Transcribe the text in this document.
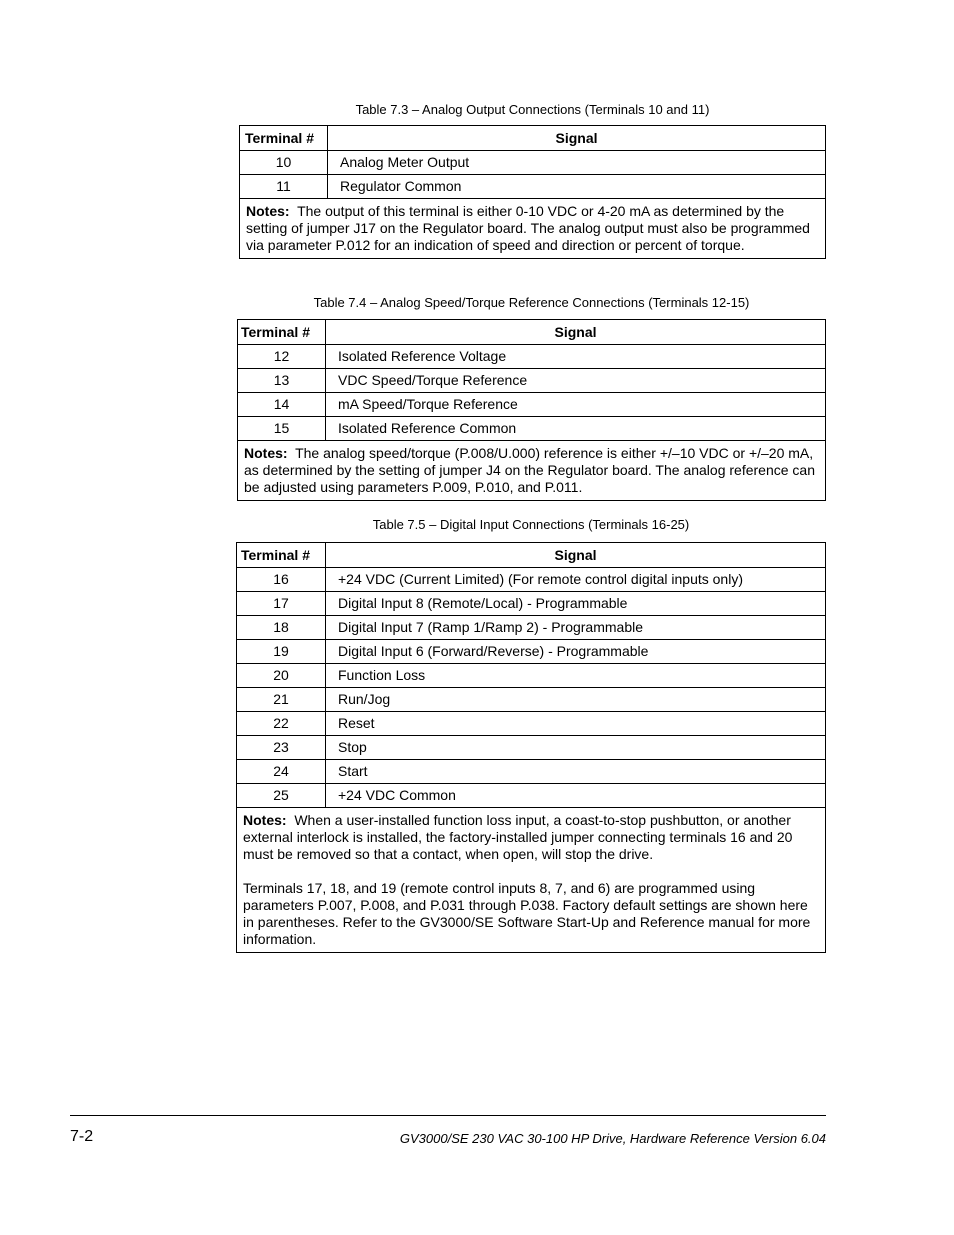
Table 7.3 – Analog Output Connections (Terminals 10 and 11)
Terminal #	Signal
10	Analog Meter Output
11	Regulator Common
Notes: The output of this terminal is either 0-10 VDC or 4-20 mA as determined by the setting of jumper J17 on the Regulator board. The analog output must also be programmed via parameter P.012 for an indication of speed and direction or percent of torque.	
Table 7.4 – Analog Speed/Torque Reference Connections (Terminals 12-15)
Terminal #	Signal
12	Isolated Reference Voltage
13	VDC Speed/Torque Reference
14	mA Speed/Torque Reference
15	Isolated Reference Common
Notes: The analog speed/torque (P.008/U.000) reference is either +/–10 VDC or +/–20 mA, as determined by the setting of jumper J4 on the Regulator board. The analog reference can be adjusted using parameters P.009, P.010, and P.011.	
Table 7.5 – Digital Input Connections (Terminals 16-25)
Terminal #	Signal
16	+24 VDC (Current Limited) (For remote control digital inputs only)
17	Digital Input 8 (Remote/Local) - Programmable
18	Digital Input 7 (Ramp 1/Ramp 2) - Programmable
19	Digital Input 6 (Forward/Reverse) - Programmable
20	Function Loss
21	Run/Jog
22	Reset
23	Stop
24	Start
25	+24 VDC Common

Notes: When a user-installed function loss input, a coast-to-stop pushbutton, or another external interlock is installed, the factory-installed jumper connecting terminals 16 and 20 must be removed so that a contact, when open, will stop the drive.
Terminals 17, 18, and 19 (remote control inputs 8, 7, and 6) are programmed using parameters P.007, P.008, and P.031 through P.038. Factory default settings are shown here in parentheses. Refer to the GV3000/SE Software Start-Up and Reference manual for more information.	
7-2	GV3000/SE 230 VAC 30-100 HP Drive, Hardware Reference Version 6.04
